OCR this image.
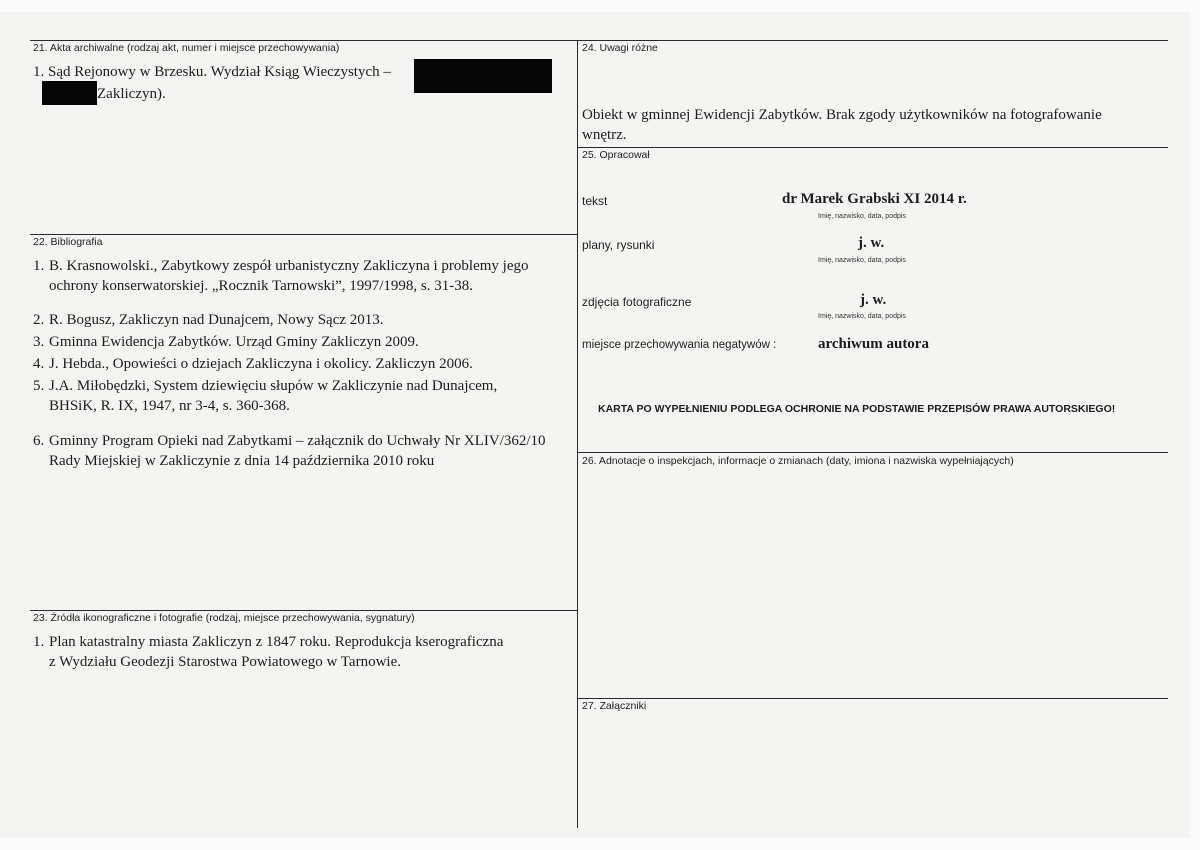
21. Akta archiwalne (rodzaj akt, numer i miejsce przechowywania)
1. Sąd Rejonowy w Brzesku. Wydział Ksiąg Wieczystych –
Zakliczyn).
22. Bibliografia
1. B. Krasnowolski., Zabytkowy zespół urbanistyczny Zakliczyna i problemy jego
ochrony konserwatorskiej. „Rocznik Tarnowski”, 1997/1998, s. 31-38.
2. R. Bogusz, Zakliczyn nad Dunajcem, Nowy Sącz 2013.
3. Gminna Ewidencja Zabytków. Urząd Gminy Zakliczyn 2009.
4. J. Hebda., Opowieści o dziejach Zakliczyna i okolicy. Zakliczyn 2006.
5. J.A. Miłobędzki, System dziewięciu słupów w Zakliczynie nad Dunajcem,
BHSiK, R. IX, 1947, nr 3-4, s. 360-368.
6. Gminny Program Opieki nad Zabytkami – załącznik do Uchwały Nr XLIV/362/10
Rady Miejskiej w Zakliczynie z dnia 14 października 2010 roku
23. Źródła ikonograficzne i fotografie (rodzaj, miejsce przechowywania, sygnatury)
1. Plan katastralny miasta Zakliczyn z 1847 roku. Reprodukcja kserograficzna
z Wydziału Geodezji Starostwa Powiatowego w Tarnowie.
24. Uwagi różne
Obiekt w gminnej Ewidencji Zabytków. Brak zgody użytkowników na fotografowanie
wnętrz.
25. Opracował
tekst	dr Marek Grabski XI 2014 r.
Imię, nazwisko, data, podpis
plany, rysunki	j. w.
Imię, nazwisko, data, podpis
zdjęcia fotograficzne	j. w.
Imię, nazwisko, data, podpis
miejsce przechowywania negatywów :	archiwum autora
KARTA PO WYPEŁNIENIU PODLEGA OCHRONIE NA PODSTAWIE PRZEPISÓW PRAWA AUTORSKIEGO!
26. Adnotacje o inspekcjach, informacje o zmianach (daty, imiona i nazwiska wypełniających)
27. Załączniki
